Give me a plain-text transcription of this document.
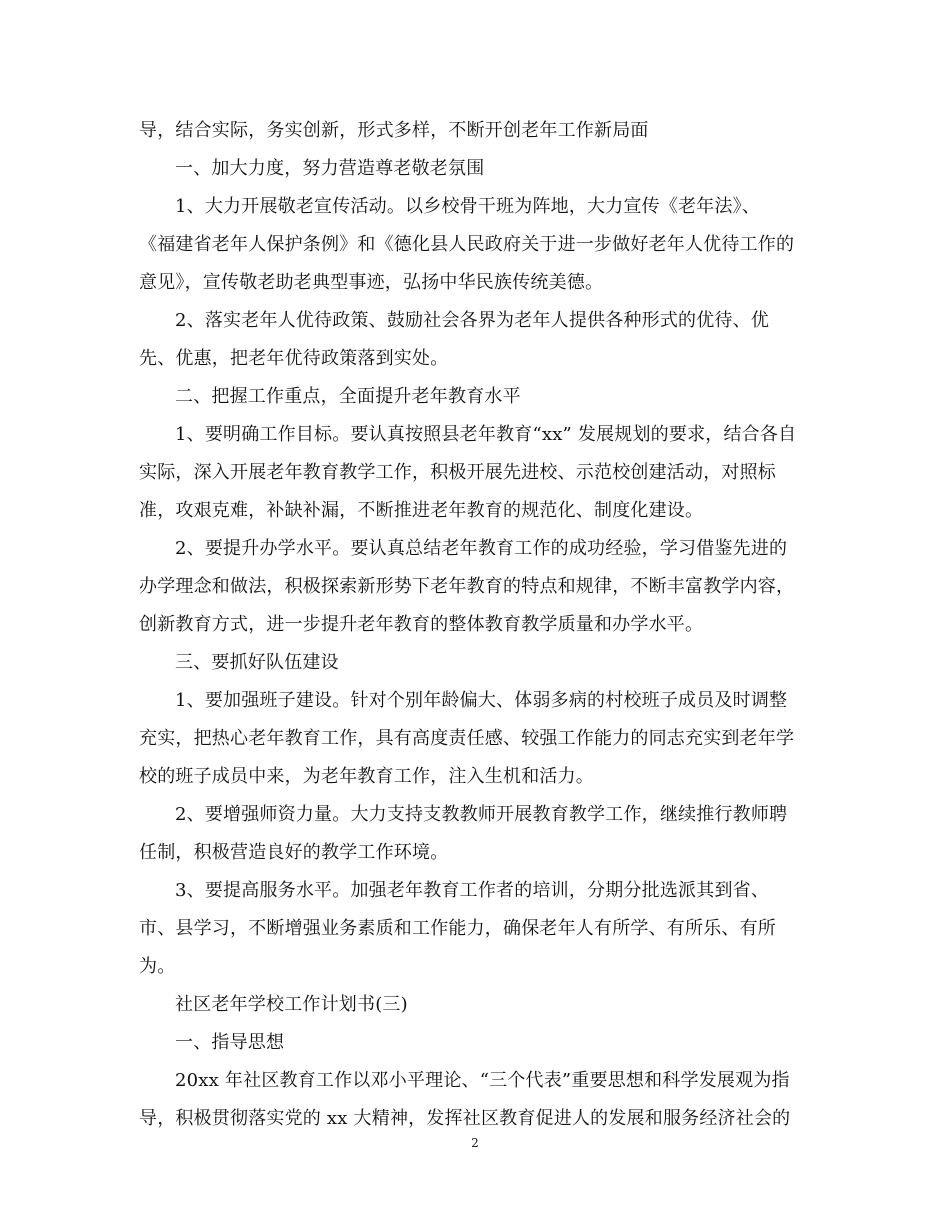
导，结合实际，务实创新，形式多样，不断开创老年工作新局面
一、加大力度，努力营造尊老敬老氛围
1、大力开展敬老宣传活动。以乡校骨干班为阵地，大力宣传《老年法》、
《福建省老年人保护条例》和《德化县人民政府关于进一步做好老年人优待工作的
意见》，宣传敬老助老典型事迹，弘扬中华民族传统美德。
2、落实老年人优待政策、鼓励社会各界为老年人提供各种形式的优待、优
先、优惠，把老年优待政策落到实处。
二、把握工作重点，全面提升老年教育水平
1、要明确工作目标。要认真按照县老年教育“xx” 发展规划的要求，结合各自
实际，深入开展老年教育教学工作，积极开展先进校、示范校创建活动，对照标
准，攻艰克难，补缺补漏，不断推进老年教育的规范化、制度化建设。
2、要提升办学水平。要认真总结老年教育工作的成功经验，学习借鉴先进的
办学理念和做法，积极探索新形势下老年教育的特点和规律，不断丰富教学内容，
创新教育方式，进一步提升老年教育的整体教育教学质量和办学水平。
三、要抓好队伍建设
1、要加强班子建设。针对个别年龄偏大、体弱多病的村校班子成员及时调整
充实，把热心老年教育工作，具有高度责任感、较强工作能力的同志充实到老年学
校的班子成员中来，为老年教育工作，注入生机和活力。
2、要增强师资力量。大力支持支教教师开展教育教学工作，继续推行教师聘
任制，积极营造良好的教学工作环境。
3、要提高服务水平。加强老年教育工作者的培训，分期分批选派其到省、
市、县学习，不断增强业务素质和工作能力，确保老年人有所学、有所乐、有所
为。
社区老年学校工作计划书(三)
一、指导思想
20xx 年社区教育工作以邓小平理论、“三个代表”重要思想和科学发展观为指
导，积极贯彻落实党的 xx 大精神，发挥社区教育促进人的发展和服务经济社会的
2
